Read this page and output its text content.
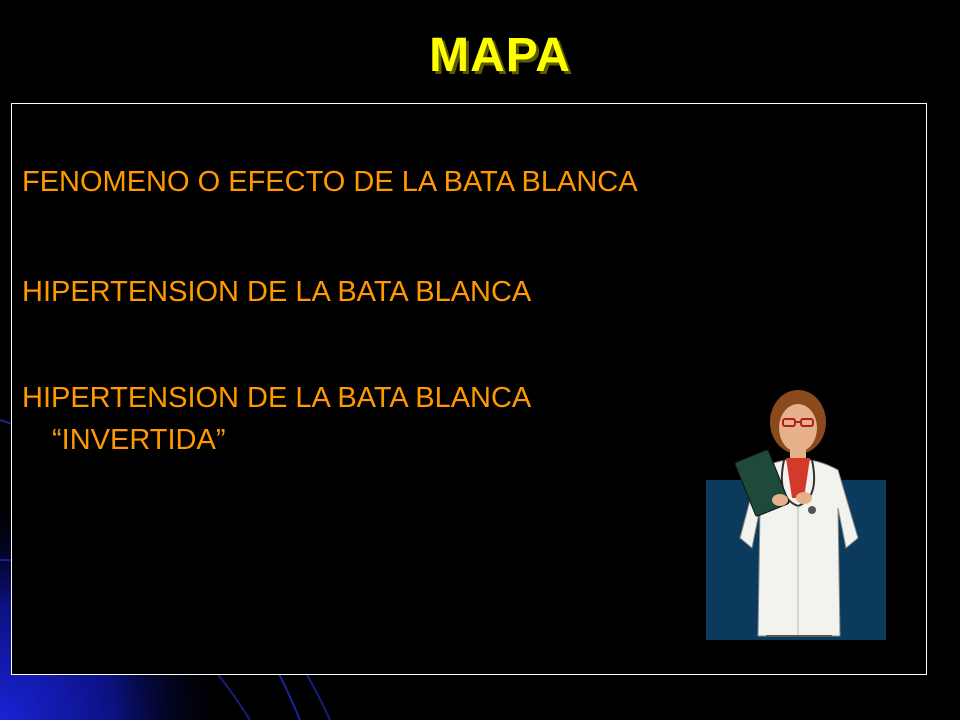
MAPA
FENOMENO O EFECTO DE LA BATA BLANCA
HIPERTENSION DE LA BATA BLANCA
HIPERTENSION DE LA BATA BLANCA
“INVERTIDA”
